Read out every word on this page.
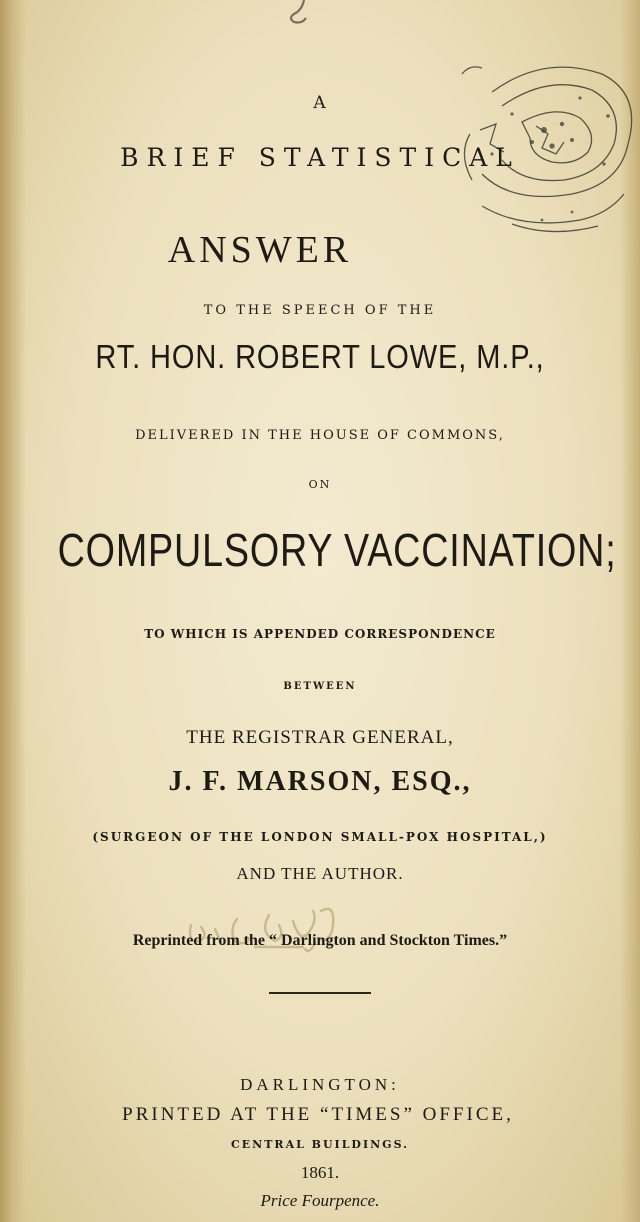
A
BRIEF STATISTICAL
ANSWER
TO THE SPEECH OF THE
RT. HON. ROBERT LOWE, M.P.,
DELIVERED IN THE HOUSE OF COMMONS,
ON
COMPULSORY VACCINATION;
TO WHICH IS APPENDED CORRESPONDENCE
BETWEEN
THE REGISTRAR GENERAL,
J. F. MARSON, ESQ.,
(SURGEON OF THE LONDON SMALL-POX HOSPITAL,)
AND THE AUTHOR.
Reprinted from the “ Darlington and Stockton Times.”
DARLINGTON:
PRINTED AT THE “TIMES” OFFICE,
CENTRAL BUILDINGS.
1861.
Price Fourpence.
